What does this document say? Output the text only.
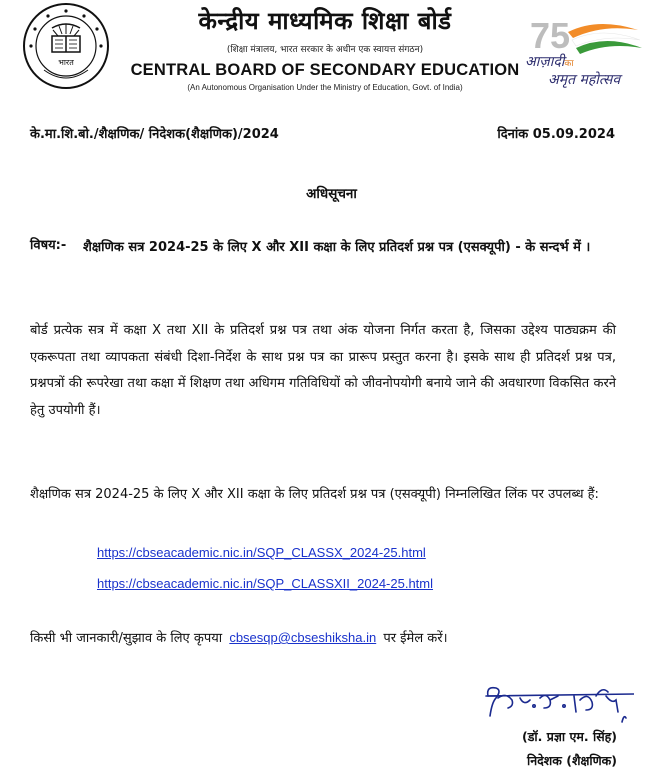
भारत
केन्द्रीय माध्यमिक शिक्षा बोर्ड
(शिक्षा मंत्रालय, भारत सरकार के अधीन एक स्वायत्त संगठन)
CENTRAL BOARD OF SECONDARY EDUCATION
(An Autonomous Organisation Under the Ministry of Education, Govt. of India)
75
आज़ादीका
अमृत महोत्सव
के.मा.शि.बो./शैक्षणिक/ निदेशक(शैक्षणिक)/2024	दिनांक 05.09.2024
अधिसूचना
विषय:- शैक्षणिक सत्र 2024-25 के लिए X और XII कक्षा के लिए प्रतिदर्श प्रश्न पत्र (एसक्यूपी) - के सन्दर्भ में ।
बोर्ड प्रत्येक सत्र में कक्षा X तथा XII के प्रतिदर्श प्रश्न पत्र तथा अंक योजना निर्गत करता है, जिसका उद्देश्य पाठ्यक्रम की एकरूपता तथा व्यापकता संबंधी दिशा-निर्देश के साथ प्रश्न पत्र का प्रारूप प्रस्तुत करना है। इसके साथ ही प्रतिदर्श प्रश्न पत्र, प्रश्नपत्रों की रूपरेखा तथा कक्षा में शिक्षण तथा अधिगम गतिविधियों को जीवनोपयोगी बनाये जाने की अवधारणा विकसित करने हेतु उपयोगी हैं।
शैक्षणिक सत्र 2024-25 के लिए X और XII कक्षा के लिए प्रतिदर्श प्रश्न पत्र (एसक्यूपी) निम्नलिखित लिंक पर उपलब्ध हैं:
https://cbseacademic.nic.in/SQP_CLASSX_2024-25.html
https://cbseacademic.nic.in/SQP_CLASSXII_2024-25.html
किसी भी जानकारी/सुझाव के लिए कृपया cbsesqp@cbseshiksha.in पर ईमेल करें।
(डॉ. प्रज्ञा एम. सिंह)
निदेशक (शैक्षणिक)
